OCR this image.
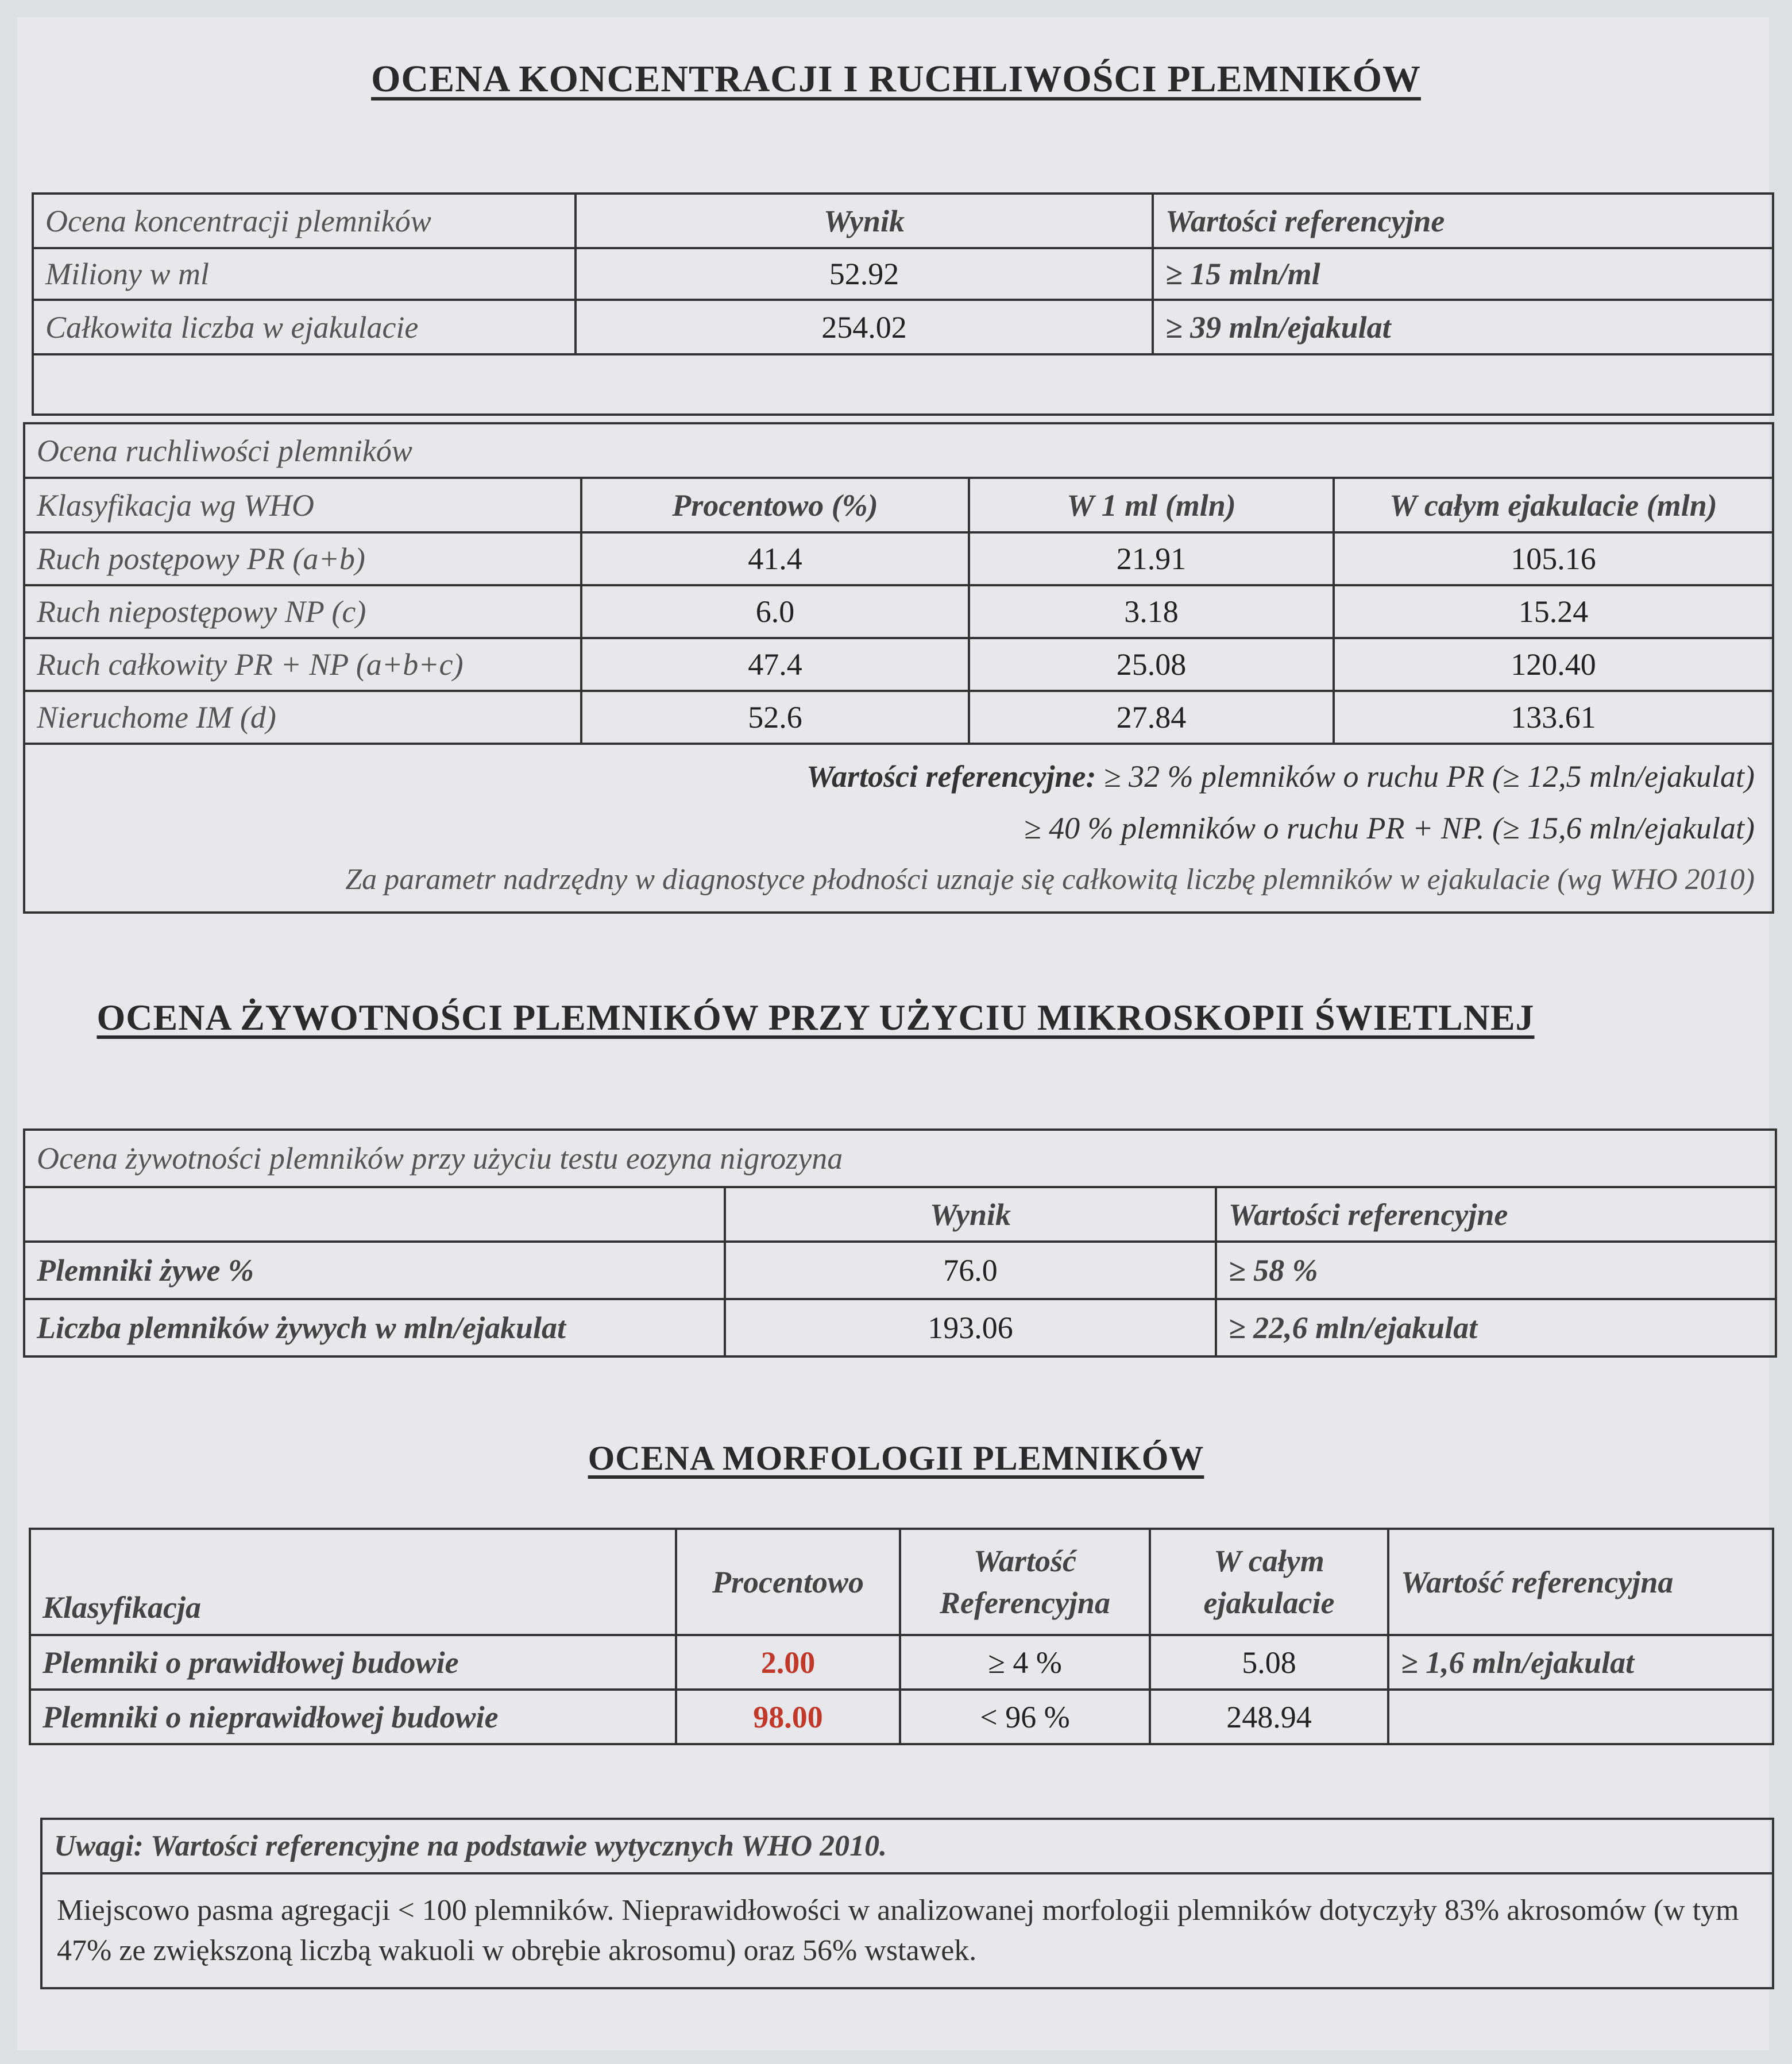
OCENA KONCENTRACJI I RUCHLIWOŚCI PLEMNIKÓW
Ocena koncentracji plemników	Wynik	Wartości referencyjne
Miliony w ml	52.92	≥ 15 mln/ml
Całkowita liczba w ejakulacie	254.02	≥ 39 mln/ejakulat

Ocena ruchliwości plemników			
Klasyfikacja wg WHO	Procentowo (%)	W 1 ml (mln)	W całym ejakulacie (mln)
Ruch postępowy PR (a+b)	41.4	21.91	105.16
Ruch niepostępowy NP (c)	6.0	3.18	15.24
Ruch całkowity PR + NP (a+b+c)	47.4	25.08	120.40
Nieruchome IM (d)	52.6	27.84	133.61

Wartości referencyjne: ≥ 32 % plemników o ruchu PR (≥ 12,5 mln/ejakulat)
≥ 40 % plemników o ruchu PR + NP. (≥ 15,6 mln/ejakulat)
Za parametr nadrzędny w diagnostyce płodności uznaje się całkowitą liczbę plemników w ejakulacie (wg WHO 2010)			
OCENA ŻYWOTNOŚCI PLEMNIKÓW PRZY UŻYCIU MIKROSKOPII ŚWIETLNEJ
Ocena żywotności plemników przy użyciu testu eozyna nigrozyna		
	Wynik	Wartości referencyjne
Plemniki żywe %	76.0	≥ 58 %
Liczba plemników żywych w mln/ejakulat	193.06	≥ 22,6 mln/ejakulat
OCENA MORFOLOGII PLEMNIKÓW
Klasyfikacja	Procentowo	Wartość Referencyjna	W całym ejakulacie	Wartość referencyjna
Plemniki o prawidłowej budowie	2.00	≥ 4 %	5.08	≥ 1,6 mln/ejakulat
Plemniki o nieprawidłowej budowie	98.00	< 96 %	248.94	
Uwagi: Wartości referencyjne na podstawie wytycznych WHO 2010.
Miejscowo pasma agregacji < 100 plemników. Nieprawidłowości w analizowanej morfologii plemników dotyczyły 83% akrosomów (w tym 47% ze zwiększoną liczbą wakuoli w obrębie akrosomu) oraz 56% wstawek.
